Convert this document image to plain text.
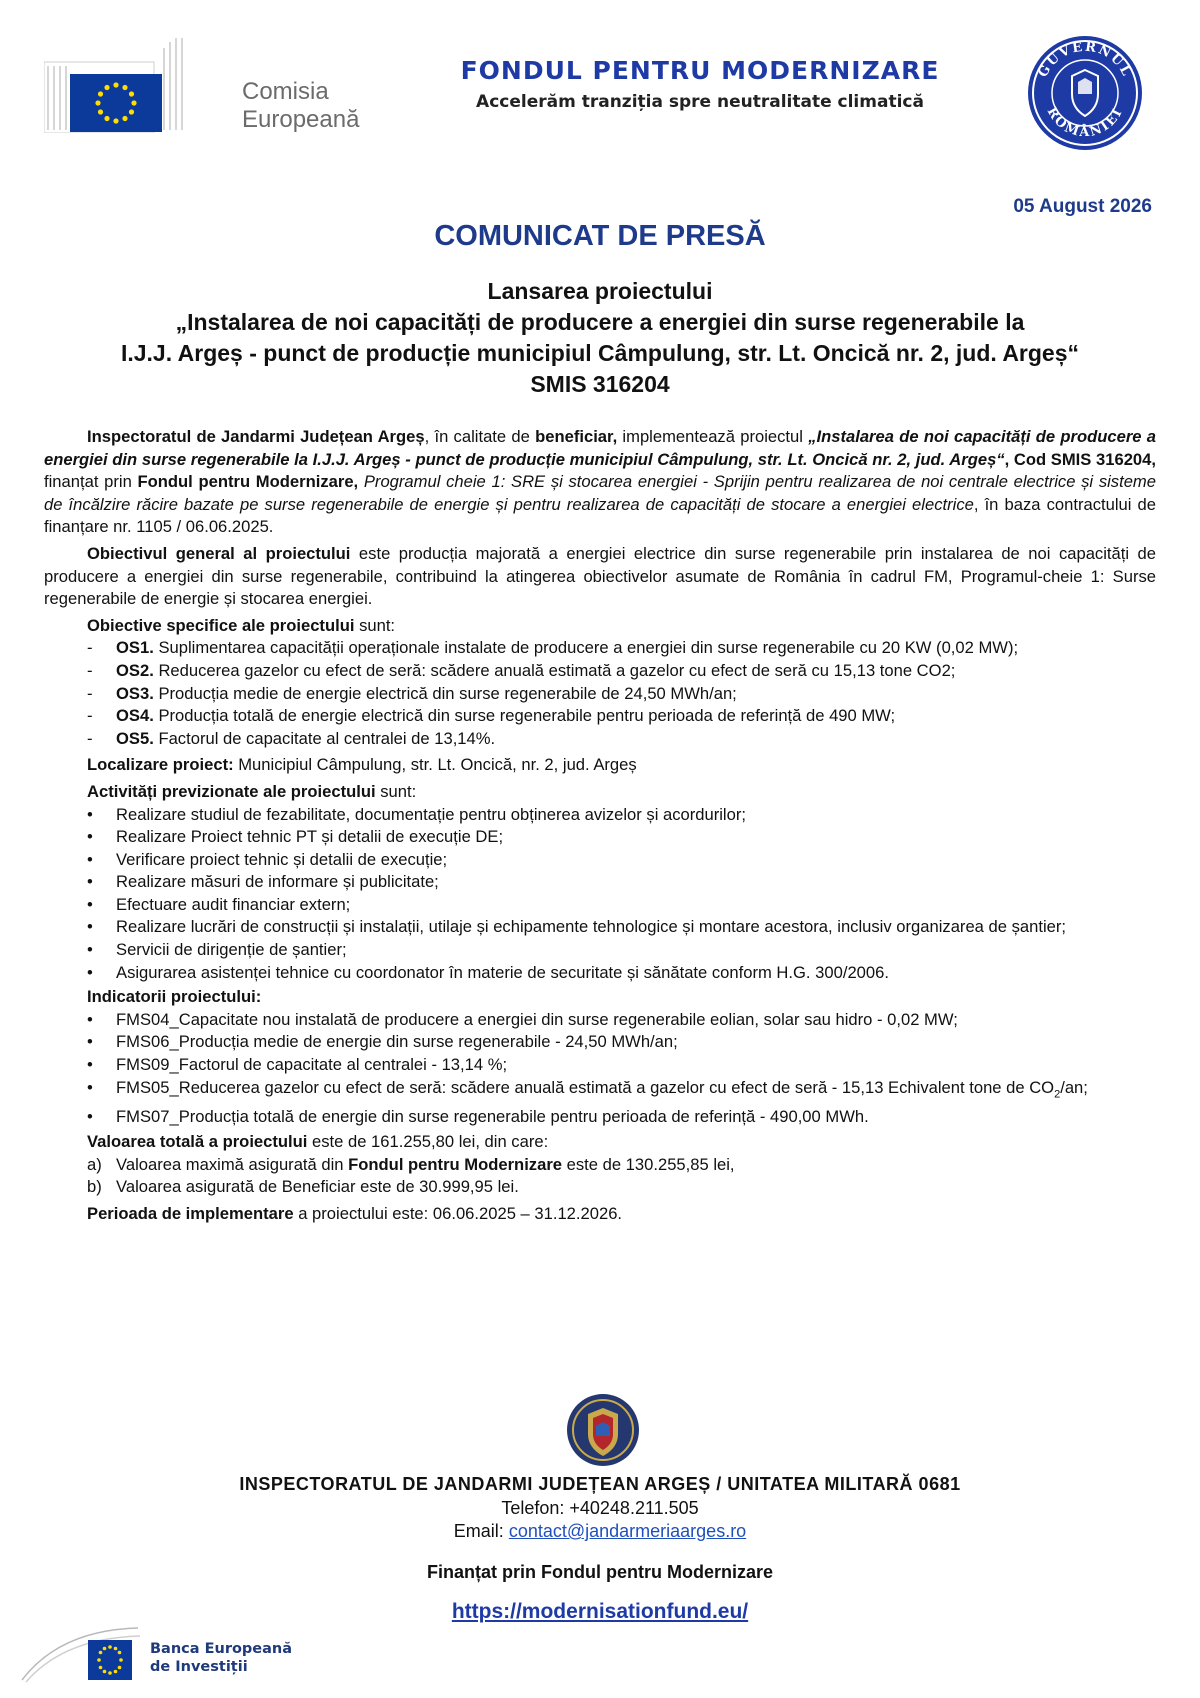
Comisia
Europeană
FONDUL PENTRU MODERNIZARE
Accelerăm tranziția spre neutralitate climatică
GUVERNUL
ROMÂNIEI
05 August 2026
COMUNICAT DE PRESĂ
Lansarea proiectului
„Instalarea de noi capacități de producere a energiei din surse regenerabile la
I.J.J. Argeș - punct de producție municipiul Câmpulung, str. Lt. Oncică nr. 2, jud. Argeș“
SMIS 316204

Inspectoratul de Jandarmi Județean Argeș, în calitate de beneficiar, implementează proiectul „Instalarea de noi capacități de producere a energiei din surse regenerabile la I.J.J. Argeș - punct de producție municipiul Câmpulung, str. Lt. Oncică nr. 2, jud. Argeș“, Cod SMIS 316204, finanțat prin Fondul pentru Modernizare, Programul cheie 1: SRE și stocarea energiei - Sprijin pentru realizarea de noi centrale electrice și sisteme de încălzire răcire bazate pe surse regenerabile de energie și pentru realizarea de capacități de stocare a energiei electrice, în baza contractului de finanțare nr. 1105 / 06.06.2025.

Obiectivul general al proiectului este producția majorată a energiei electrice din surse regenerabile prin instalarea de noi capacități de producere a energiei din surse regenerabile, contribuind la atingerea obiectivelor asumate de România în cadrul FM, Programul-cheie 1: Surse regenerabile de energie și stocarea energiei.

Obiective specifice ale proiectului sunt:
- OS1. Suplimentarea capacității operaționale instalate de producere a energiei din surse regenerabile cu 20 KW (0,02 MW);
- OS2. Reducerea gazelor cu efect de seră: scădere anuală estimată a gazelor cu efect de seră cu 15,13 tone CO2;
- OS3. Producția medie de energie electrică din surse regenerabile de 24,50 MWh/an;
- OS4. Producția totală de energie electrică din surse regenerabile pentru perioada de referință de 490 MW;
- OS5. Factorul de capacitate al centralei de 13,14%.
Localizare proiect: Municipiul Câmpulung, str. Lt. Oncică, nr. 2, jud. Argeș
Activități previzionate ale proiectului sunt:
• Realizare studiul de fezabilitate, documentație pentru obținerea avizelor și acordurilor;
• Realizare Proiect tehnic PT și detalii de execuție DE;
• Verificare proiect tehnic și detalii de execuție;
• Realizare măsuri de informare și publicitate;
• Efectuare audit financiar extern;
• Realizare lucrări de construcții și instalații, utilaje și echipamente tehnologice și montare acestora, inclusiv organizarea de șantier;
• Servicii de dirigenție de șantier;
• Asigurarea asistenței tehnice cu coordonator în materie de securitate și sănătate conform H.G. 300/2006.
Indicatorii proiectului:
• FMS04_Capacitate nou instalată de producere a energiei din surse regenerabile eolian, solar sau hidro - 0,02 MW;
• FMS06_Producția medie de energie din surse regenerabile - 24,50 MWh/an;
• FMS09_Factorul de capacitate al centralei - 13,14 %;
• FMS05_Reducerea gazelor cu efect de seră: scădere anuală estimată a gazelor cu efect de seră - 15,13 Echivalent tone de $CO_2/an$;
• FMS07_Producția totală de energie din surse regenerabile pentru perioada de referință - 490,00 MWh.
Valoarea totală a proiectului este de 161.255,80 lei, din care:
a) Valoarea maximă asigurată din Fondul pentru Modernizare este de 130.255,85 lei,
b) Valoarea asigurată de Beneficiar este de 30.999,95 lei.
Perioada de implementare a proiectului este: 06.06.2025 – 31.12.2026.
INSPECTORATUL DE JANDARMI JUDEȚEAN ARGEȘ / UNITATEA MILITARĂ 0681
Telefon: +40248.211.505
Email: contact@jandarmeriaarges.ro
Finanțat prin Fondul pentru Modernizare
https://modernisationfund.eu/
Banca Europeană
de Investiții
